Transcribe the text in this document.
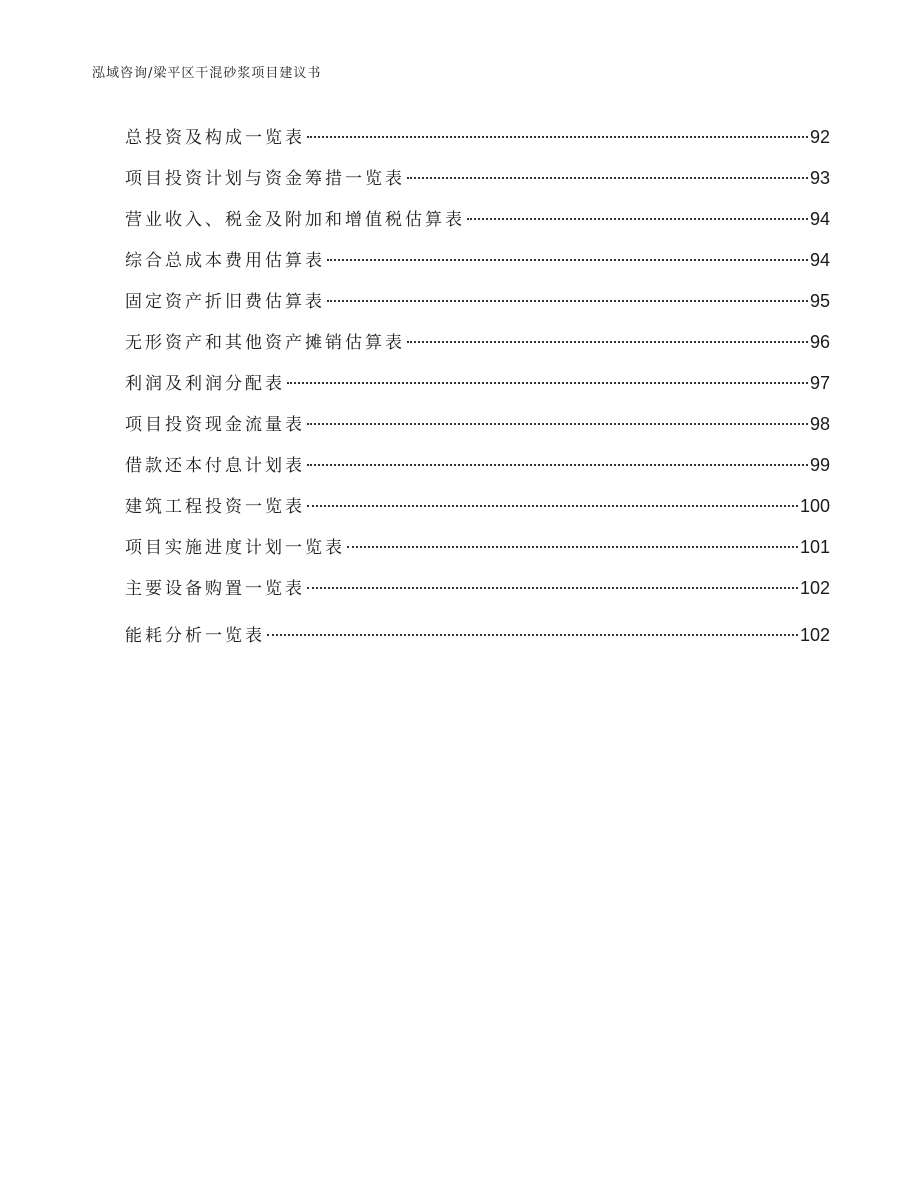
泓域咨询/梁平区干混砂浆项目建议书
总投资及构成一览表	92
项目投资计划与资金筹措一览表	93
营业收入、税金及附加和增值税估算表	94
综合总成本费用估算表	94
固定资产折旧费估算表	95
无形资产和其他资产摊销估算表	96
利润及利润分配表	97
项目投资现金流量表	98
借款还本付息计划表	99
建筑工程投资一览表	100
项目实施进度计划一览表	101
主要设备购置一览表	102
能耗分析一览表	102
